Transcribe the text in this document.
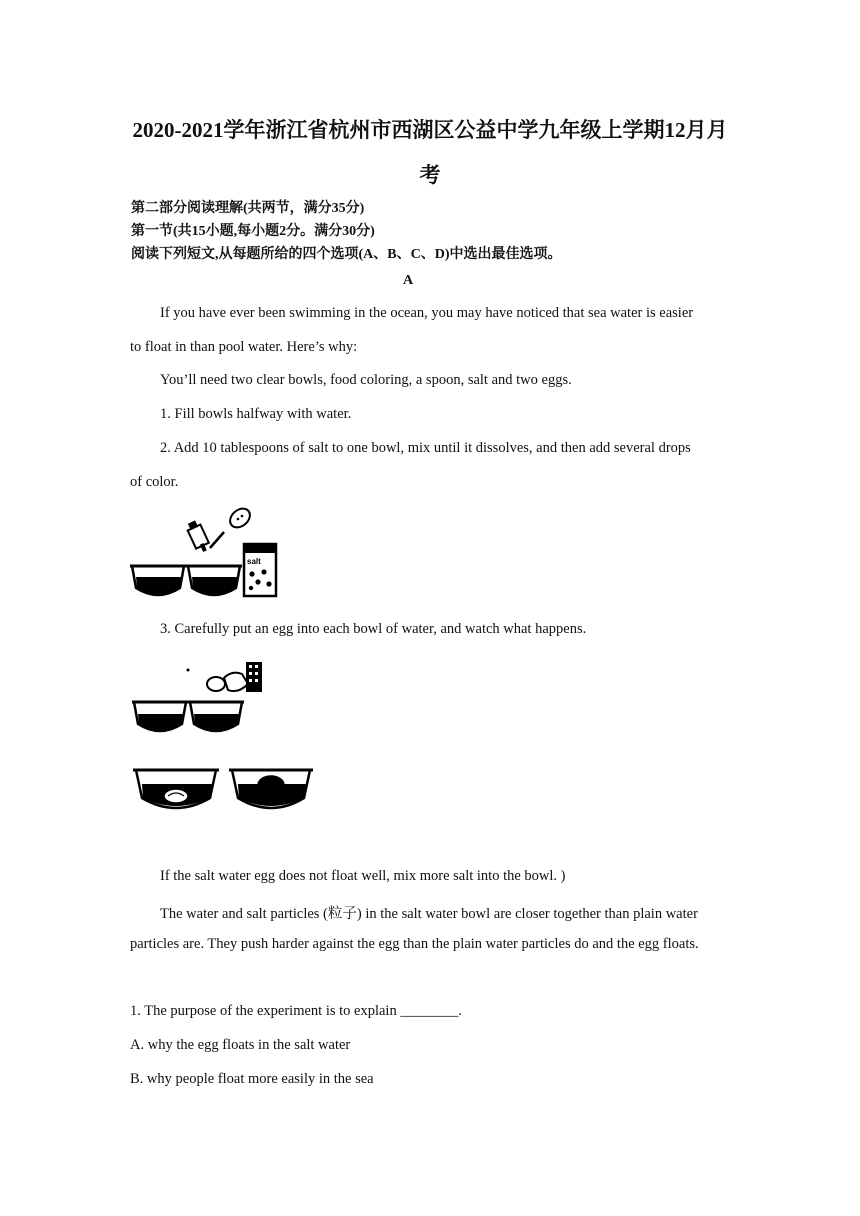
2020-2021学年浙江省杭州市西湖区公益中学九年级上学期12月月
考
第二部分阅读理解(共两节，满分35分)
第一节(共15小题,每小题2分。满分30分)
阅读下列短文,从每题所给的四个选项(A、B、C、D)中选出最佳选项。
A
If you have ever been swimming in the ocean, you may have noticed that sea water is easier
to float in than pool water. Here’s why:
You’ll need two clear bowls, food coloring, a spoon, salt and two eggs.
1. Fill bowls halfway with water.
2. Add 10 tablespoons of salt to one bowl, mix until it dissolves, and then add several drops
of color.
salt
3. Carefully put an egg into each bowl of water, and watch what happens.
If the salt water egg does not float well, mix more salt into the bowl. )
The water and salt particles (粒子) in the salt water bowl are closer together than plain water
particles are. They push harder against the egg than the plain water particles do and the egg floats.
1. The purpose of the experiment is to explain ________.
A. why the egg floats in the salt water
B. why people float more easily in the sea
